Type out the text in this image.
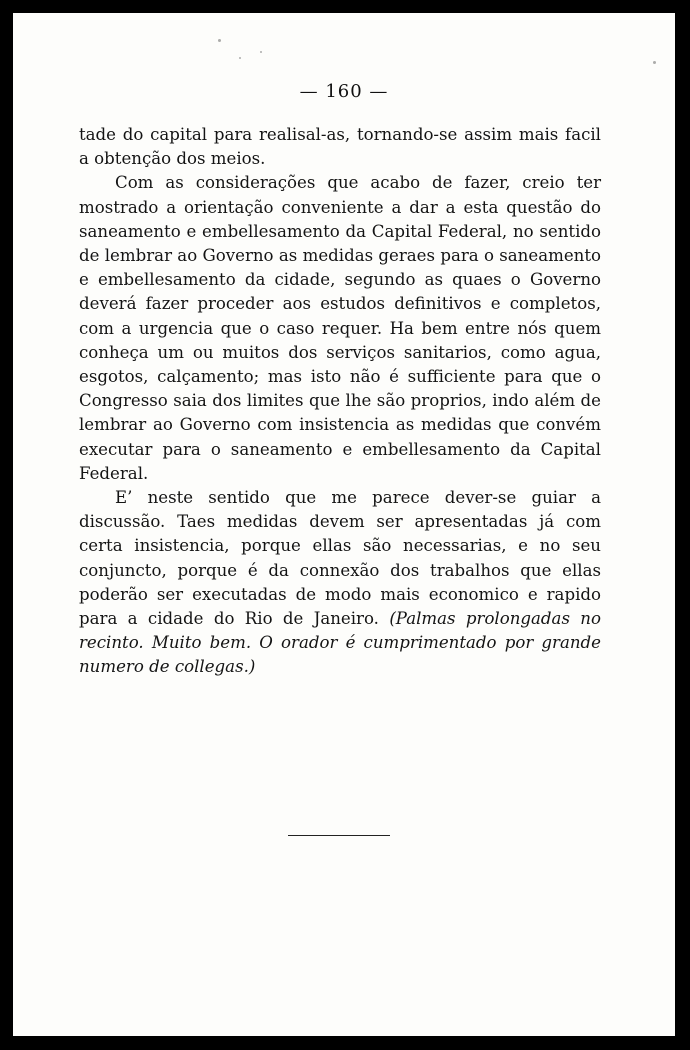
— 160 —

tade do capital para realisal-as, tornando-se assim mais facil a obtenção dos meios.

Com as considerações que acabo de fazer, creio ter mostrado a orientação conveniente a dar a esta questão do saneamento e embellesamento da Capital Federal, no sentido de lembrar ao Governo as medidas geraes para o saneamento e embellesamento da cidade, segundo as quaes o Governo deverá fazer proceder aos estudos definitivos e completos, com a urgencia que o caso requer. Ha bem entre nós quem conheça um ou muitos dos serviços sanitarios, como agua, esgotos, calçamento; mas isto não é sufficiente para que o Congresso saia dos limites que lhe são proprios, indo além de lembrar ao Governo com insistencia as medidas que convém executar para o saneamento e embellesamento da Capital Federal.

E’ neste sentido que me parece dever-se guiar a discussão. Taes medidas devem ser apresentadas já com certa insistencia, porque ellas são necessarias, e no seu conjuncto, porque é da connexão dos trabalhos que ellas poderão ser executadas de modo mais economico e rapido para a cidade do Rio de Janeiro. (Palmas prolongadas no recinto. Muito bem. O orador é cumprimentado por grande numero de collegas.)
